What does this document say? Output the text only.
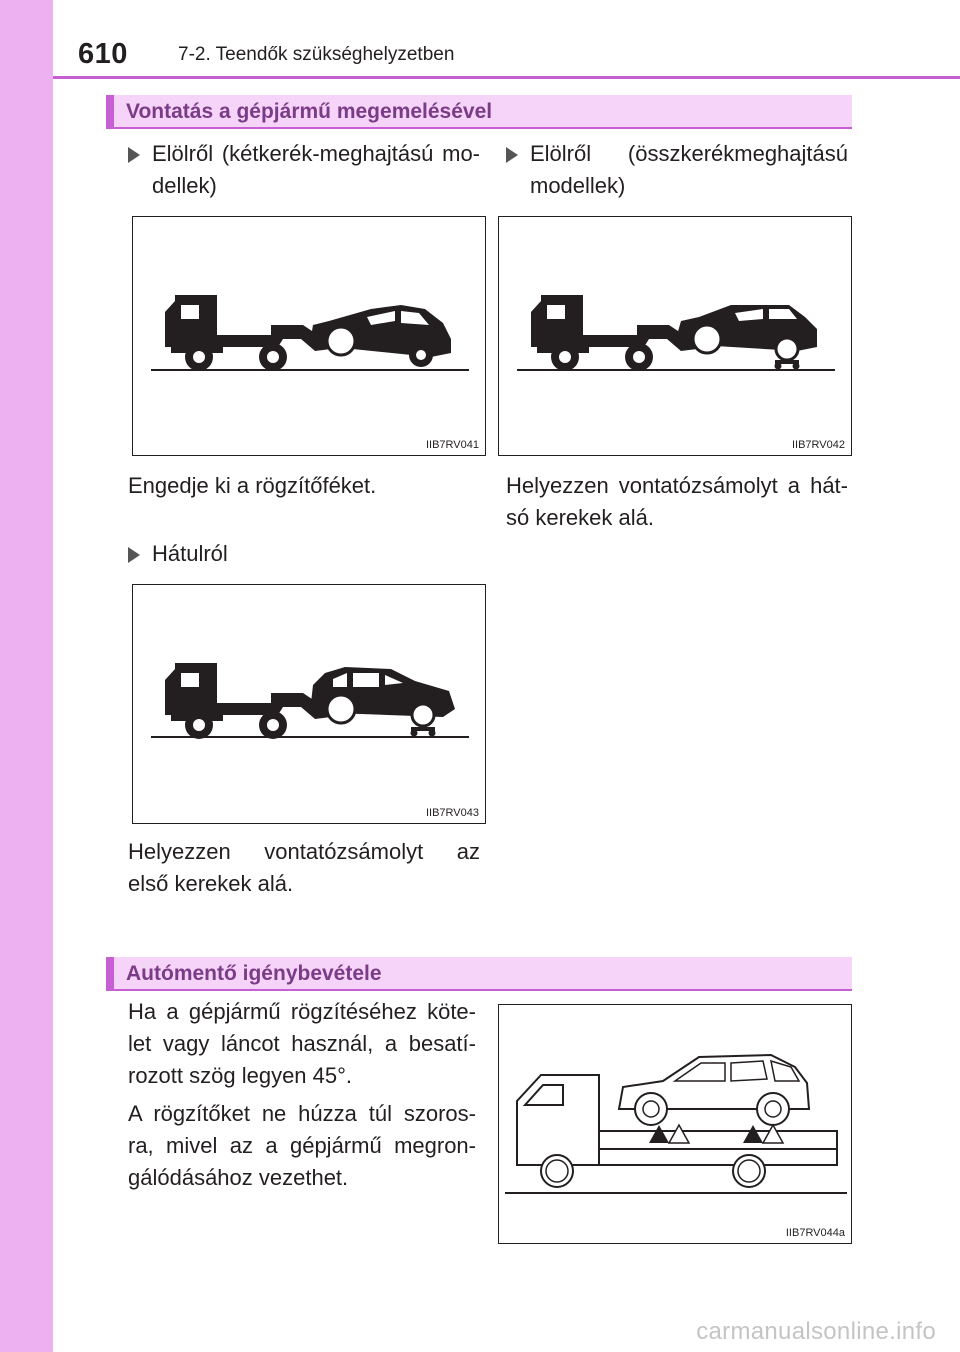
610	7-2. Teendők szükséghelyzetben
Vontatás a gépjármű megemelésével
Elölről (kétkerék-meghajtású mo-
dellek)
Elölről (összkerékmeghajtású
modellek)
IIB7RV041	IIB7RV042
Engedje ki a rögzítőféket.	Helyezzen vontatózsámolyt a hát-
só kerekek alá.
Hátulról
IIB7RV043
Helyezzen vontatózsámolyt az
első kerekek alá.
Autómentő igénybevétele
Ha a gépjármű rögzítéséhez köte-
let vagy láncot használ, a besatí-
rozott szög legyen 45°.
A rögzítőket ne húzza túl szoros-
ra, mivel az a gépjármű megron-
gálódásához vezethet.
IIB7RV044a
carmanualsonline.info
